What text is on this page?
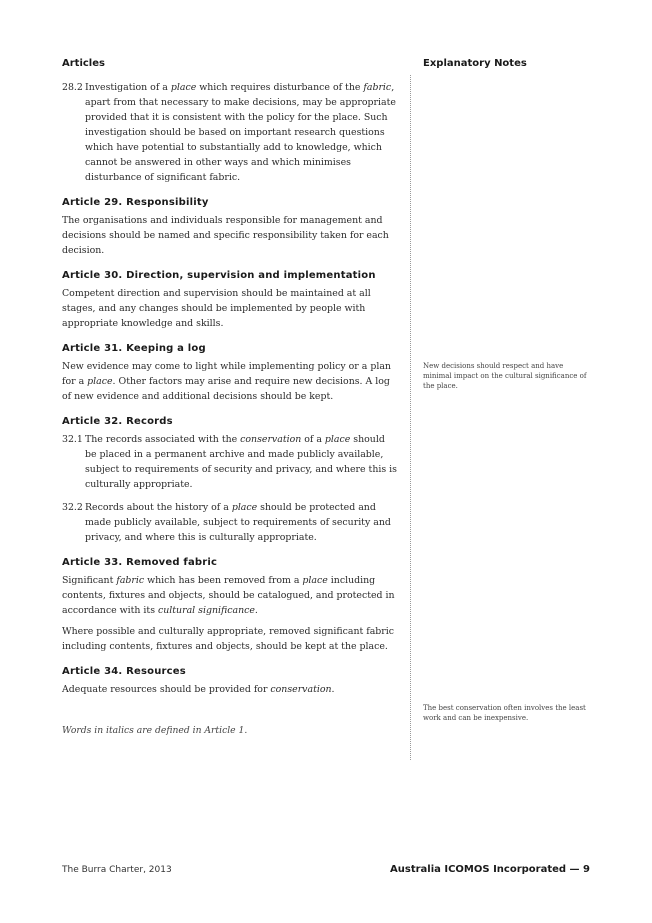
Articles	Explanatory Notes
28.2 Investigation of a place which requires disturbance of the fabric, apart from that necessary to make decisions, may be appropriate provided that it is consistent with the policy for the place. Such investigation should be based on important research questions which have potential to substantially add to knowledge, which cannot be answered in other ways and which minimises disturbance of significant fabric.
Article 29. Responsibility

The organisations and individuals responsible for management and decisions should be named and specific responsibility taken for each decision.

Article 30. Direction, supervision and implementation

Competent direction and supervision should be maintained at all stages, and any changes should be implemented by people with appropriate knowledge and skills.

Article 31. Keeping a log

New evidence may come to light while implementing policy or a plan for a place. Other factors may arise and require new decisions. A log of new evidence and additional decisions should be kept.

Article 32. Records
32.1 The records associated with the conservation of a place should be placed in a permanent archive and made publicly available, subject to requirements of security and privacy, and where this is culturally appropriate.
32.2 Records about the history of a place should be protected and made publicly available, subject to requirements of security and privacy, and where this is culturally appropriate.
Article 33. Removed fabric

Significant fabric which has been removed from a place including contents, fixtures and objects, should be catalogued, and protected in accordance with its cultural significance.

Where possible and culturally appropriate, removed significant fabric including contents, fixtures and objects, should be kept at the place.

Article 34. Resources

Adequate resources should be provided for conservation.

Words in italics are defined in Article 1.

New decisions should respect and have minimal impact on the cultural significance of the place.
The best conservation often involves the least work and can be inexpensive.
The Burra Charter, 2013	Australia ICOMOS Incorporated — 9
